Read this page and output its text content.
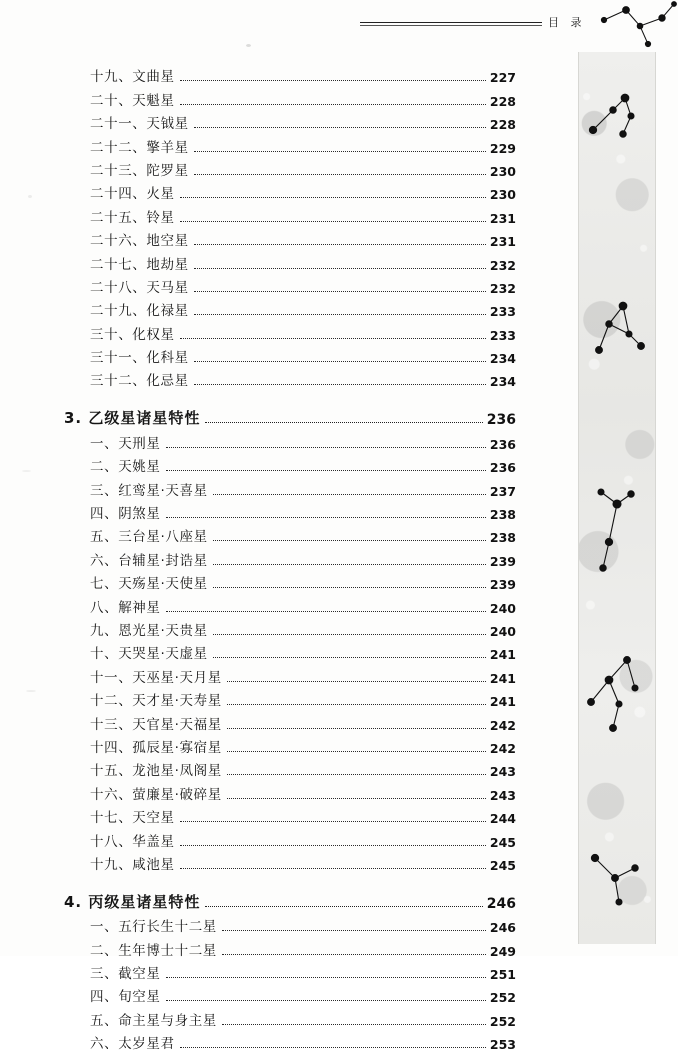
目 录
十九、文曲星	227
二十、天魁星	228
二十一、天钺星	228
二十二、擎羊星	229
二十三、陀罗星	230
二十四、火星	230
二十五、铃星	231
二十六、地空星	231
二十七、地劫星	232
二十八、天马星	232
二十九、化禄星	233
三十、化权星	233
三十一、化科星	234
三十二、化忌星	234
3. 乙级星诸星特性	236
一、天刑星	236
二、天姚星	236
三、红鸾星·天喜星	237
四、阴煞星	238
五、三台星·八座星	238
六、台辅星·封诰星	239
七、天殇星·天使星	239
八、解神星	240
九、恩光星·天贵星	240
十、天哭星·天虚星	241
十一、天巫星·天月星	241
十二、天才星·天寿星	241
十三、天官星·天福星	242
十四、孤辰星·寡宿星	242
十五、龙池星·凤阁星	243
十六、萤廉星·破碎星	243
十七、天空星	244
十八、华盖星	245
十九、咸池星	245
4. 丙级星诸星特性	246
一、五行长生十二星	246
二、生年博士十二星	249
三、截空星	251
四、旬空星	252
五、命主星与身主星	252
六、太岁星君	253
